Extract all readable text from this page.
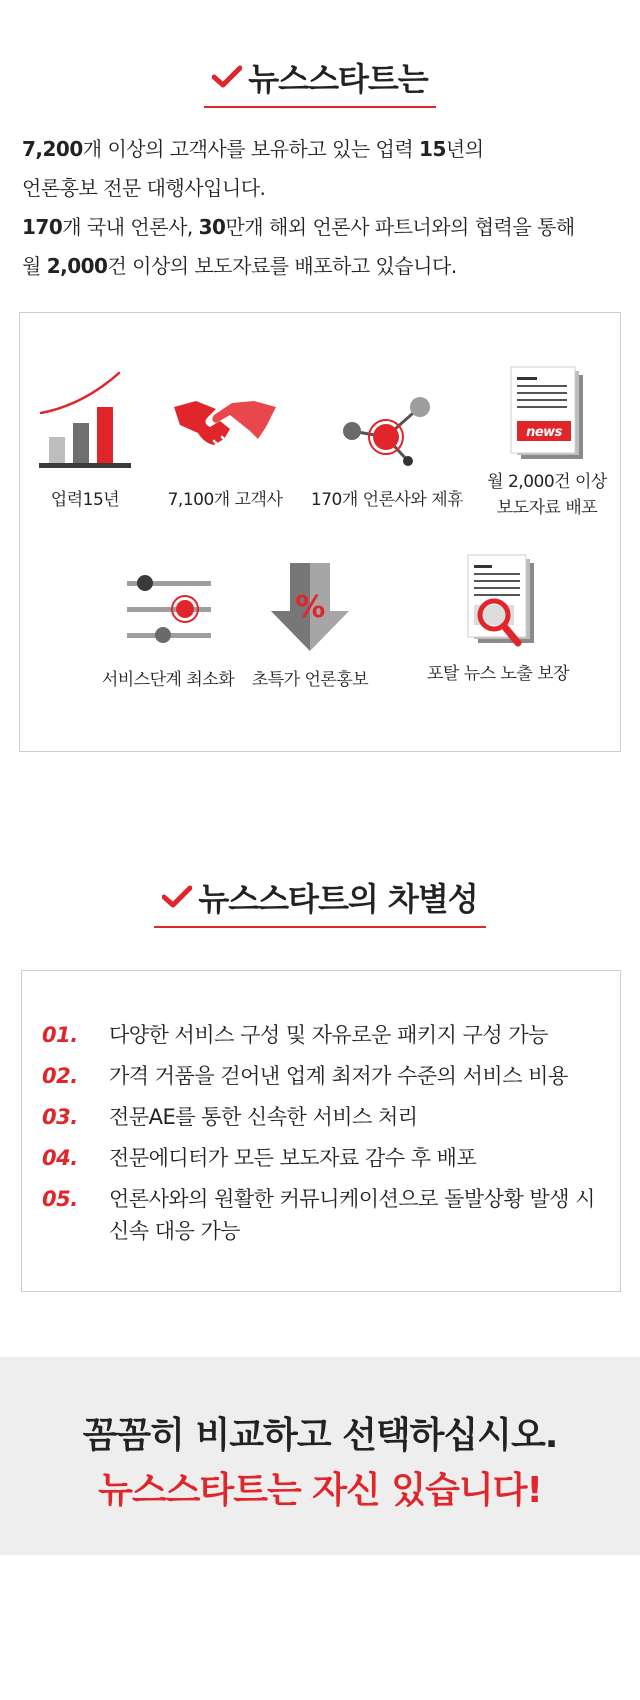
뉴스스타트는
7,200개 이상의 고객사를 보유하고 있는 업력 15년의
언론홍보 전문 대행사입니다.
170개 국내 언론사, 30만개 해외 언론사 파트너와의 협력을 통해
월 2,000건 이상의 보도자료를 배포하고 있습니다.
업력15년	7,100개 고객사	170개 언론사와 제휴
news
월 2,000건 이상
보도자료 배포
서비스단계 최소화
%
초특가 언론홍보	포탈 뉴스 노출 보장
뉴스스타트의 차별성
01. 다양한 서비스 구성 및 자유로운 패키지 구성 가능
02. 가격 거품을 걷어낸 업계 최저가 수준의 서비스 비용
03. 전문AE를 통한 신속한 서비스 처리
04. 전문에디터가 모든 보도자료 감수 후 배포
05. 언론사와의 원활한 커뮤니케이션으로 돌발상황 발생 시 신속 대응 가능
꼼꼼히 비교하고 선택하십시오.
뉴스스타트는 자신 있습니다!
